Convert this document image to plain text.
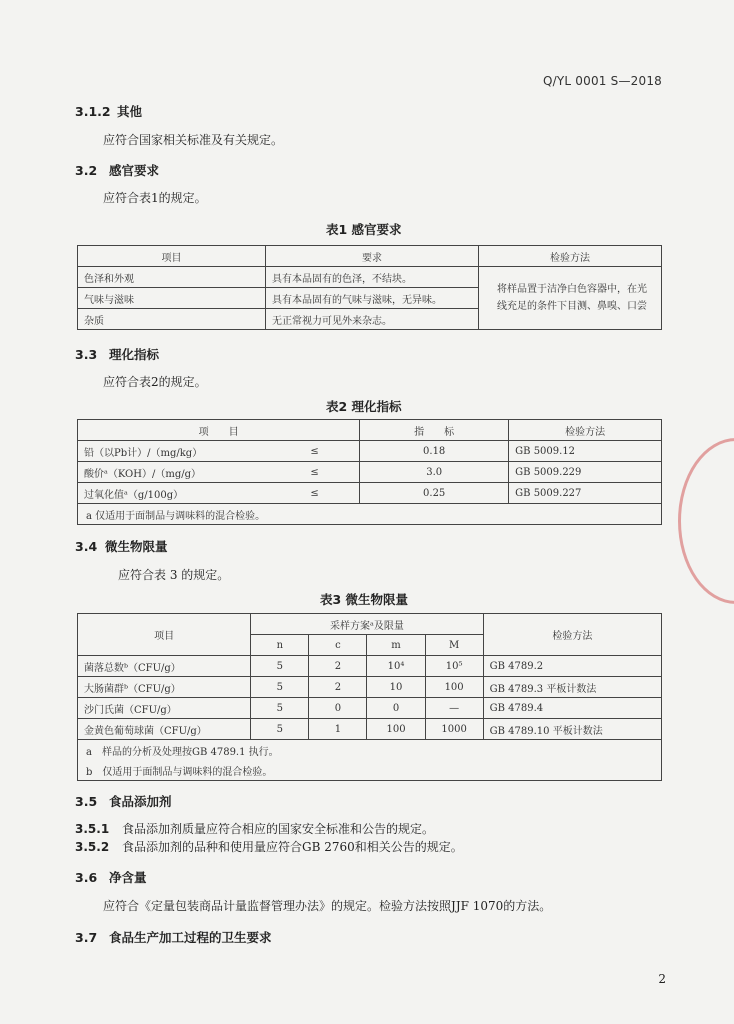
Q/YL 0001 S—2018
3.1.2 其他
应符合国家相关标准及有关规定。
3.2 感官要求
应符合表1的规定。
表1 感官要求
项目	要求	检验方法
色泽和外观	具有本品固有的色泽，不结块。	将样品置于洁净白色容器中，在光线充足的条件下目测、鼻嗅、口尝
气味与滋味	具有本品固有的气味与滋味，无异味。	
杂质	无正常视力可见外来杂志。	
3.3 理化指标
应符合表2的规定。
表2 理化指标
项　　目		指　　标	检验方法
铅（以Pb计）/（mg/kg）	≤	0.18	GB 5009.12
酸价ᵃ（KOH）/（mg/g）	≤	3.0	GB 5009.229
过氧化值ᵃ（g/100g）	≤	0.25	GB 5009.227
a 仅适用于面制品与调味料的混合检验。			
3.4 微生物限量
应符合表 3 的规定。
表3 微生物限量
项目	采样方案ᵃ及限量				检验方法
	n	c	m	M	
菌落总数ᵇ（CFU/g）	5	2	10⁴	10⁵	GB 4789.2
大肠菌群ᵇ（CFU/g）	5	2	10	100	GB 4789.3 平板计数法
沙门氏菌（CFU/g）	5	0	0	—	GB 4789.4
金黄色葡萄球菌（CFU/g）	5	1	100	1000	GB 4789.10 平板计数法
a　样品的分析及处理按GB 4789.1 执行。					
b　仅适用于面制品与调味料的混合检验。					
3.5 食品添加剂
3.5.1 食品添加剂质量应符合相应的国家安全标准和公告的规定。
3.5.2 食品添加剂的品种和使用量应符合GB 2760和相关公告的规定。
3.6 净含量
应符合《定量包装商品计量监督管理办法》的规定。检验方法按照JJF 1070的方法。
3.7 食品生产加工过程的卫生要求
2
